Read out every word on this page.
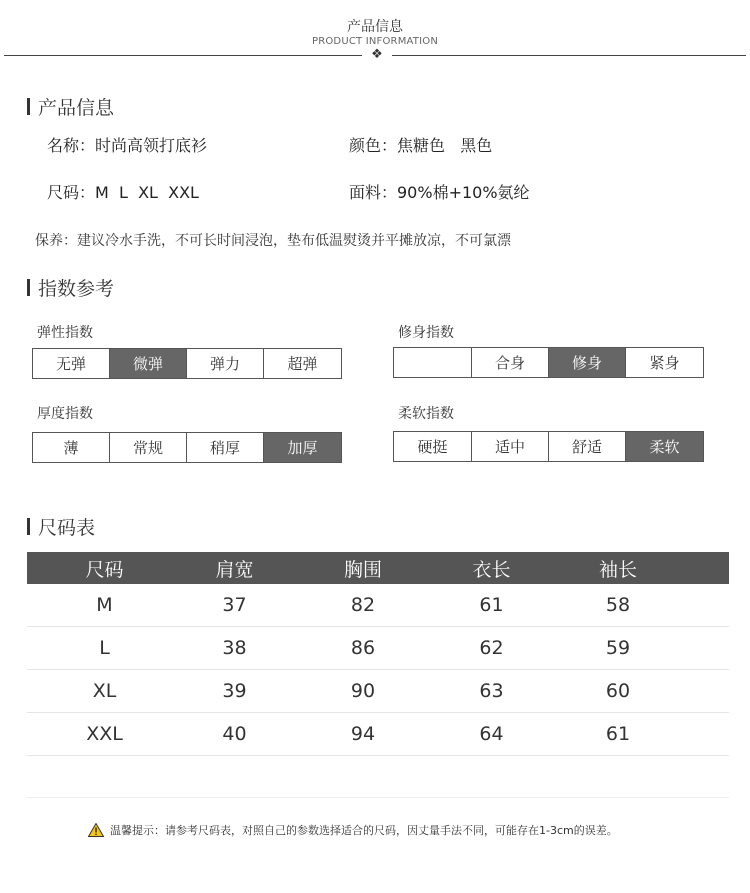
产品信息
PRODUCT INFORMATION
❖
产品信息
名称：时尚高领打底衫	颜色：焦糖色   黑色
尺码：M  L  XL  XXL	面料：90%棉+10%氨纶
保养：建议冷水手洗，不可长时间浸泡，垫布低温熨烫并平摊放凉，不可氯漂
指数参考
弹性指数
无弹	微弹	弹力	超弹
修身指数
合身	修身	紧身
厚度指数
薄	常规	稍厚	加厚
柔软指数
硬挺	适中	舒适	柔软
尺码表
尺码	肩宽	胸围	衣长	袖长
M	37	82	61	58
L	38	86	62	59
XL	39	90	63	60
XXL	40	94	64	61
温馨提示：请参考尺码表，对照自己的参数选择适合的尺码，因丈量手法不同，可能存在1-3cm的误差。
